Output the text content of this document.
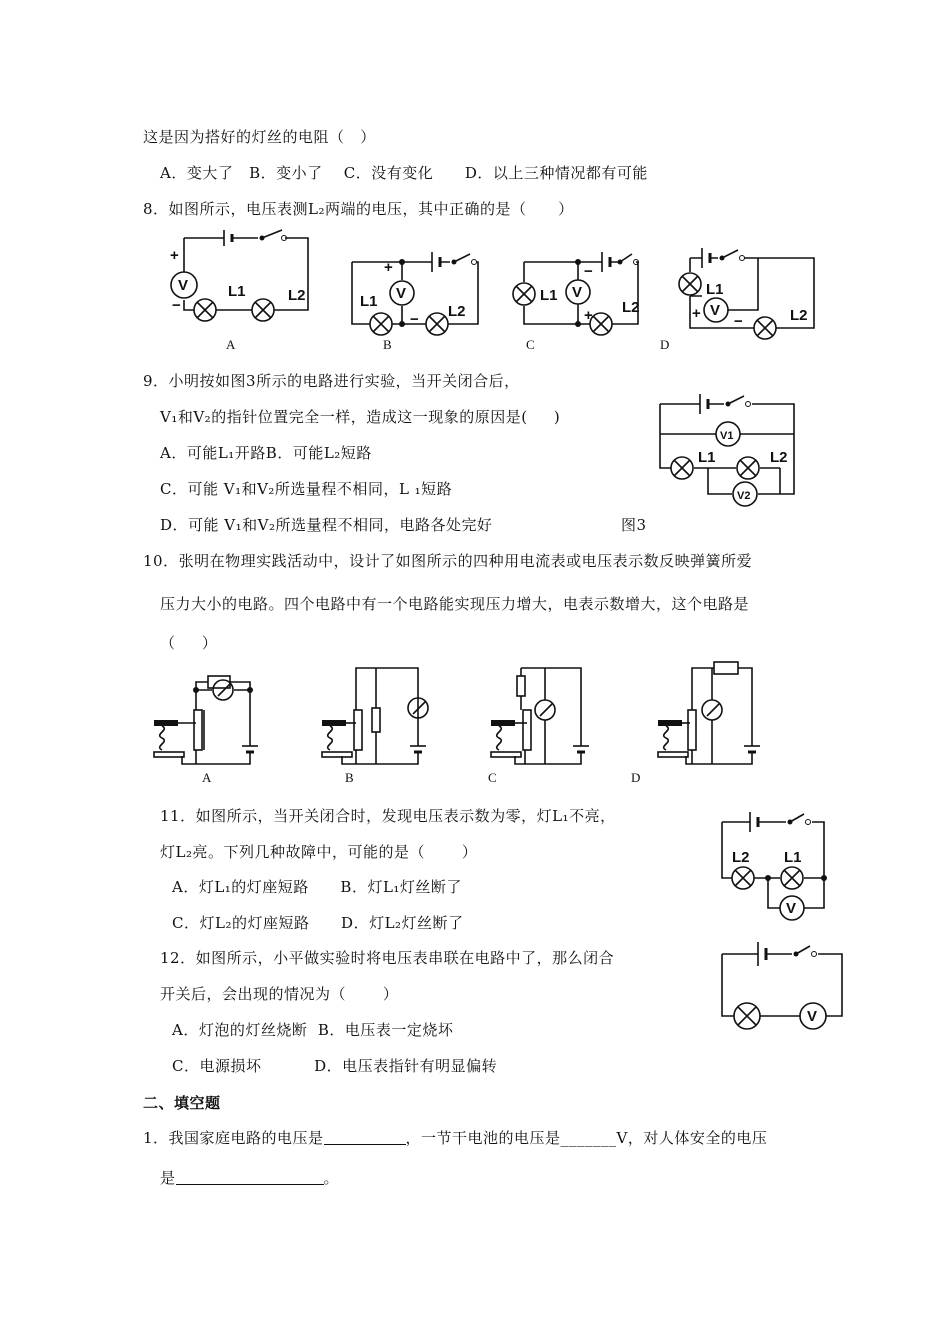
这是因为搭好的灯丝的电阻（   ）
A．变大了   B．变小了    C．没有变化      D．以上三种情况都有可能
8．如图所示，电压表测L₂两端的电压，其中正确的是（      ）
V
+
−
L1	L2	V
+
−
L1
L2
V
−
+
L1
L2	V
+ −
L1
L2
A	B	C	D
9．小明按如图3所示的电路进行实验，当开关闭合后，
V₁和V₂的指针位置完全一样，造成这一现象的原因是(     )
A．可能L₁开路B．可能L₂短路
C．可能 V₁和V₂所选量程不相同，L ₁短路
D．可能 V₁和V₂所选量程不相同，电路各处完好	图3
V1
V2
L1	L2
10．张明在物理实践活动中，设计了如图所示的四种用电流表或电压表示数反映弹簧所爱
压力大小的电路。四个电路中有一个电路能实现压力增大，电表示数增大，这个电路是
（     ）
A	B	C	D
11．如图所示，当开关闭合时，发现电压表示数为零，灯L₁不亮，
灯L₂亮。下列几种故障中，可能的是（       ）
A．灯L₁的灯座短路      B．灯L₁灯丝断了
C．灯L₂的灯座短路      D．灯L₂灯丝断了
V
L2 L1
12．如图所示，小平做实验时将电压表串联在电路中了，那么闭合
开关后，会出现的情况为（       ）
A．灯泡的灯丝烧断  B．电压表一定烧坏
C．电源损坏          D．电压表指针有明显偏转
V
二、填空题
1．我国家庭电路的电压是	，一节干电池的电压是_______V，对人体安全的电压
是	。
